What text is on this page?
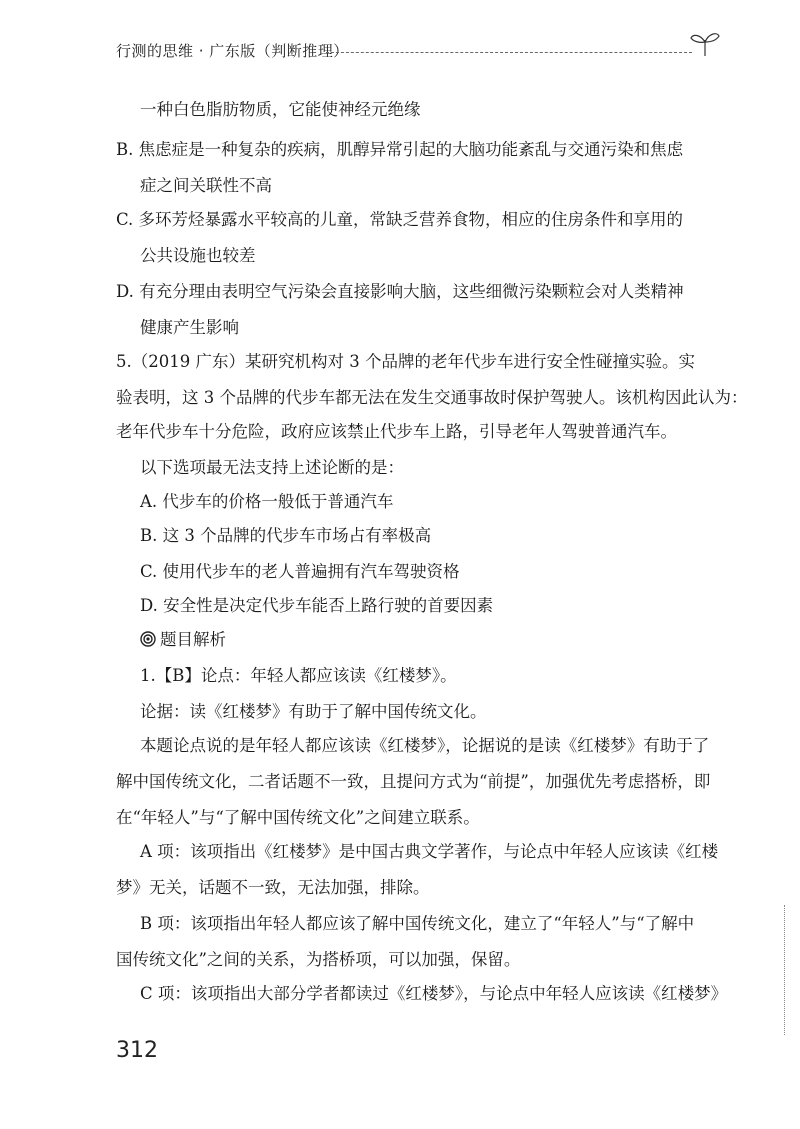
行测的思维 · 广东版（判断推理）
一种白色脂肪物质，它能使神经元绝缘
B. 焦虑症是一种复杂的疾病，肌醇异常引起的大脑功能紊乱与交通污染和焦虑
症之间关联性不高
C. 多环芳烃暴露水平较高的儿童，常缺乏营养食物，相应的住房条件和享用的
公共设施也较差
D. 有充分理由表明空气污染会直接影响大脑，这些细微污染颗粒会对人类精神
健康产生影响
5.（2019 广东）某研究机构对 3 个品牌的老年代步车进行安全性碰撞实验。实
验表明，这 3 个品牌的代步车都无法在发生交通事故时保护驾驶人。该机构因此认为：
老年代步车十分危险，政府应该禁止代步车上路，引导老年人驾驶普通汽车。
以下选项最无法支持上述论断的是：
A. 代步车的价格一般低于普通汽车
B. 这 3 个品牌的代步车市场占有率极高
C. 使用代步车的老人普遍拥有汽车驾驶资格
D. 安全性是决定代步车能否上路行驶的首要因素
题目解析
1.【B】论点：年轻人都应该读《红楼梦》。
论据：读《红楼梦》有助于了解中国传统文化。
本题论点说的是年轻人都应该读《红楼梦》，论据说的是读《红楼梦》有助于了
解中国传统文化，二者话题不一致，且提问方式为“前提”，加强优先考虑搭桥，即
在“年轻人”与“了解中国传统文化”之间建立联系。
A 项：该项指出《红楼梦》是中国古典文学著作，与论点中年轻人应该读《红楼
梦》无关，话题不一致，无法加强，排除。
B 项：该项指出年轻人都应该了解中国传统文化，建立了“年轻人”与“了解中
国传统文化”之间的关系，为搭桥项，可以加强，保留。
C 项：该项指出大部分学者都读过《红楼梦》，与论点中年轻人应该读《红楼梦》
312
